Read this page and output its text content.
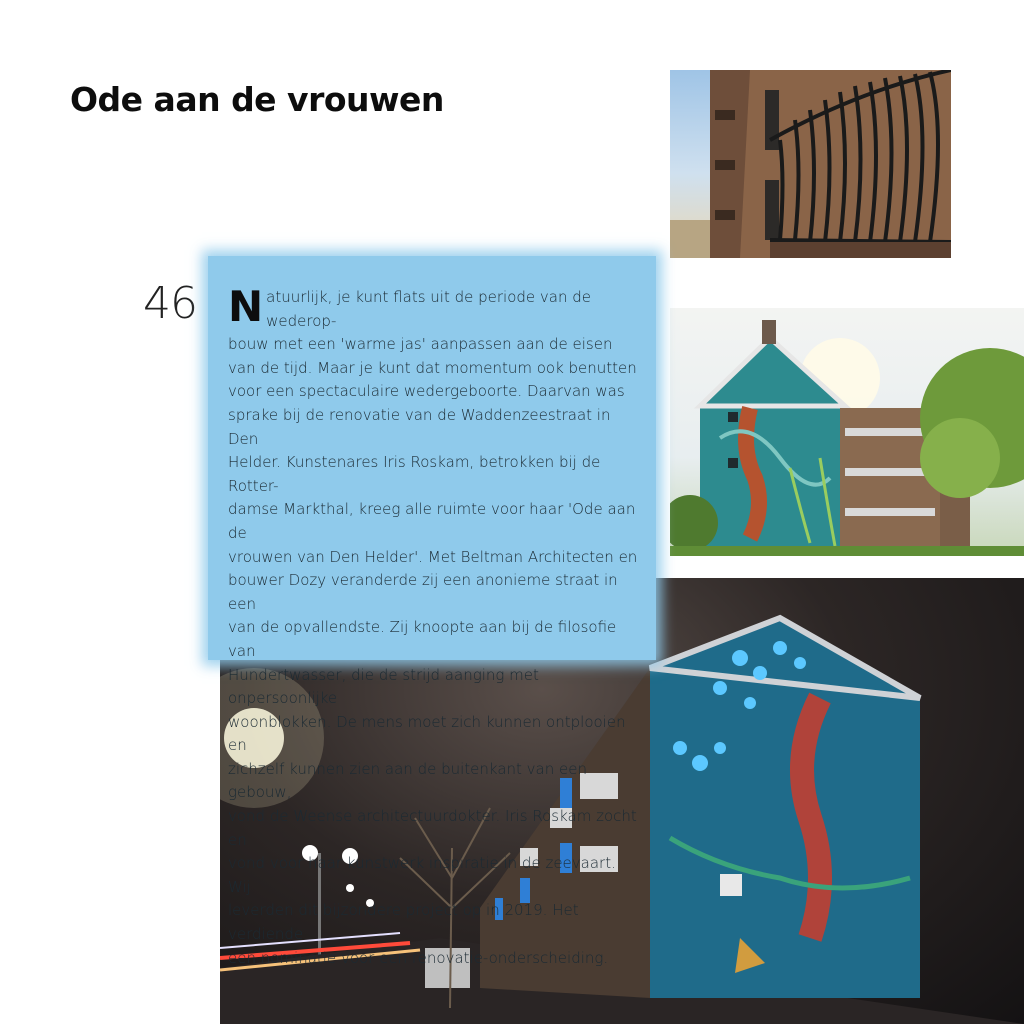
Ode aan de vrouwen
46 N atuurlijk, je kunt flats uit de periode van de wederop-
bouw met een 'warme jas' aanpassen aan de eisen
van de tijd. Maar je kunt dat momentum ook benutten
voor een spectaculaire wedergeboorte. Daarvan was
sprake bij de renovatie van de Waddenzeestraat in Den
Helder. Kunstenares Iris Roskam, betrokken bij de Rotter-
damse Markthal, kreeg alle ruimte voor haar 'Ode aan de
vrouwen van Den Helder'. Met Beltman Architecten en
bouwer Dozy veranderde zij een anonieme straat in een
van de opvallendste. Zij knoopte aan bij de filosofie van
Hundertwasser, die de strijd aanging met onpersoonlijke
woonblokken. De mens moet zich kunnen ontplooien en
zichzelf kunnen zien aan de buitenkant van een gebouw,
vond de Weense architectuurdokter. Iris Roskam zocht en
vond voor haar kunstwerk inspiratie in de zeevaart. Wij
leverden dit bijzondere project op in 2019. Het verdiende
een nominatie voor een renovatie-onderscheiding.
